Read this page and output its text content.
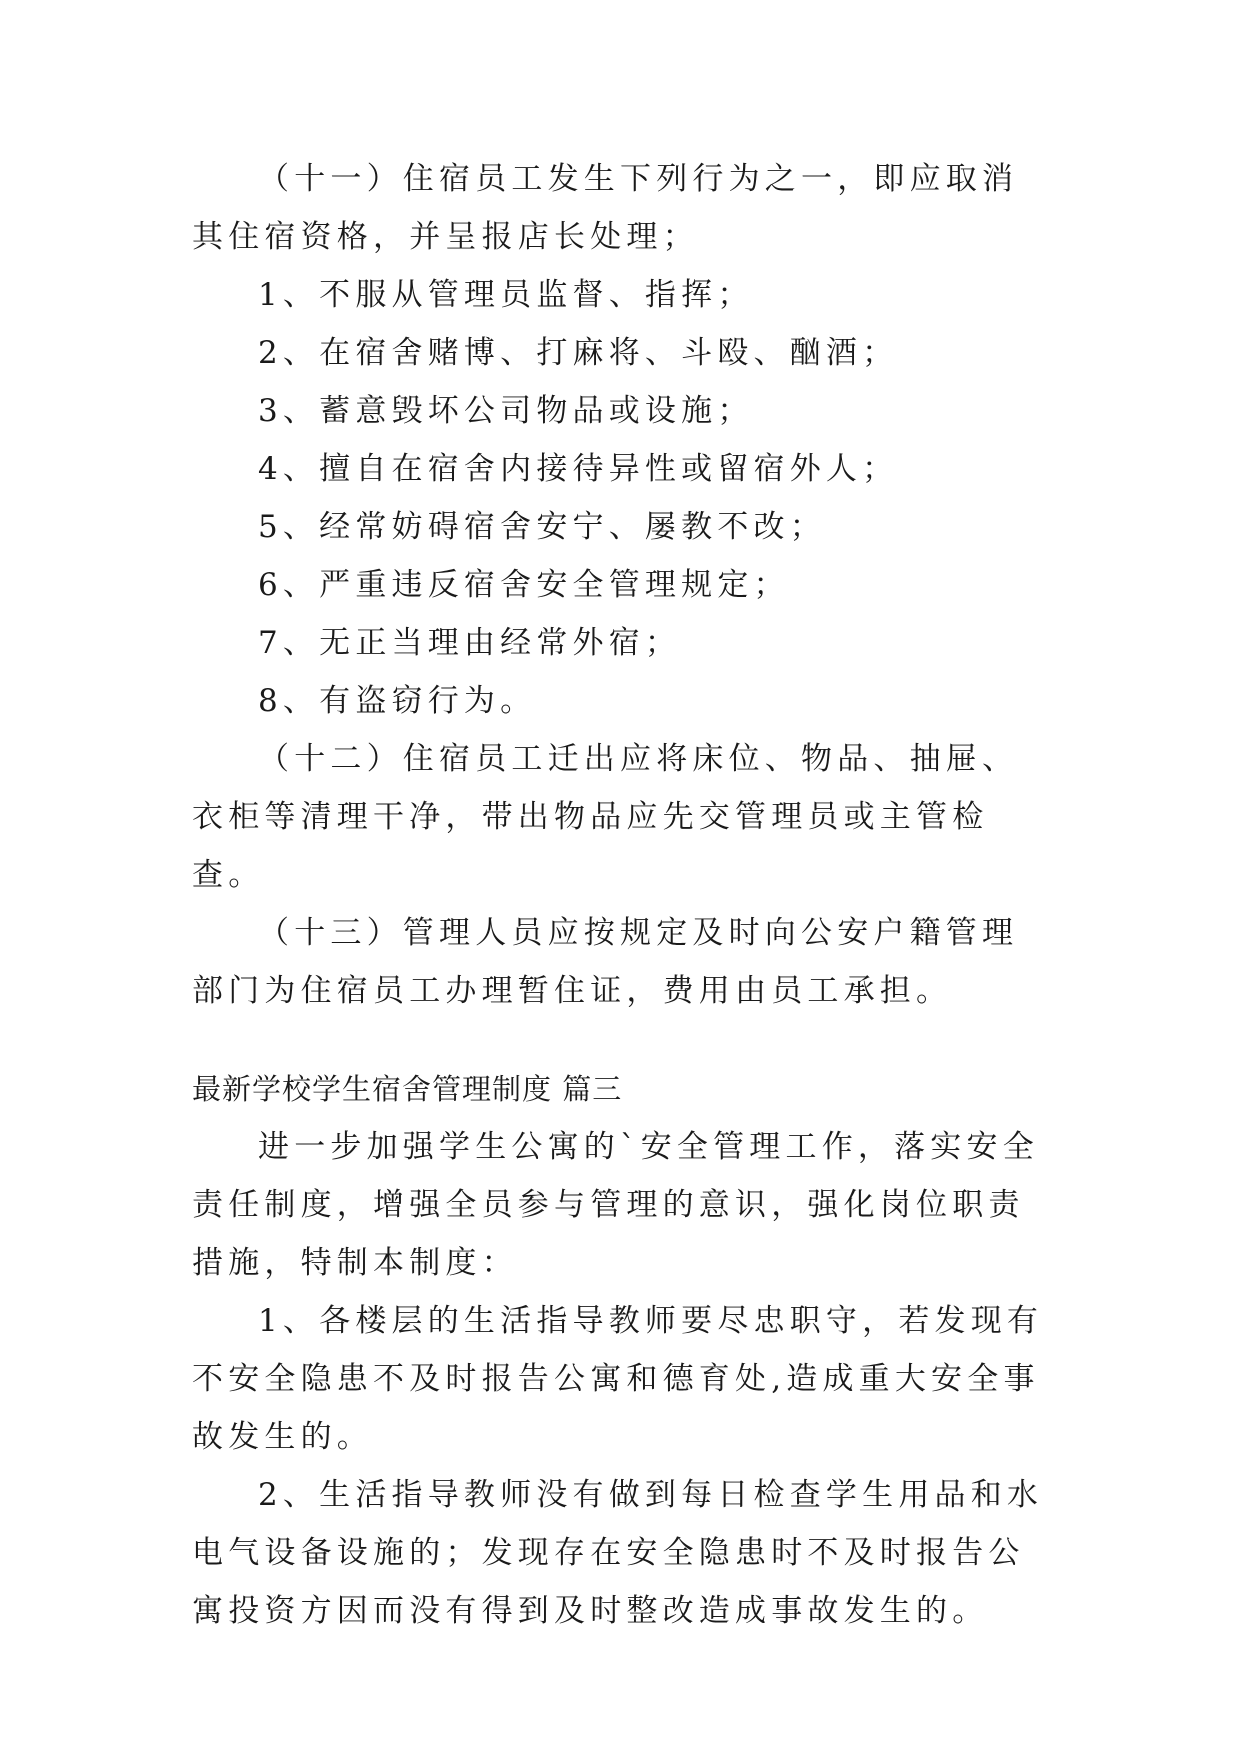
（十一）住宿员工发生下列行为之一，即应取消其住宿资格，并呈报店长处理；

1、不服从管理员监督、指挥；

2、在宿舍赌博、打麻将、斗殴、酗酒；

3、蓄意毁坏公司物品或设施；

4、擅自在宿舍内接待异性或留宿外人；

5、经常妨碍宿舍安宁、屡教不改；

6、严重违反宿舍安全管理规定；

7、无正当理由经常外宿；

8、有盗窃行为。

（十二）住宿员工迁出应将床位、物品、抽屉、衣柜等清理干净，带出物品应先交管理员或主管检查。

（十三）管理人员应按规定及时向公安户籍管理部门为住宿员工办理暂住证，费用由员工承担。

最新学校学生宿舍管理制度 篇三

进一步加强学生公寓的`安全管理工作，落实安全责任制度，增强全员参与管理的意识，强化岗位职责措施，特制本制度：

1、各楼层的生活指导教师要尽忠职守，若发现有不安全隐患不及时报告公寓和德育处,造成重大安全事故发生的。

2、生活指导教师没有做到每日检查学生用品和水电气设备设施的；发现存在安全隐患时不及时报告公寓投资方因而没有得到及时整改造成事故发生的。
